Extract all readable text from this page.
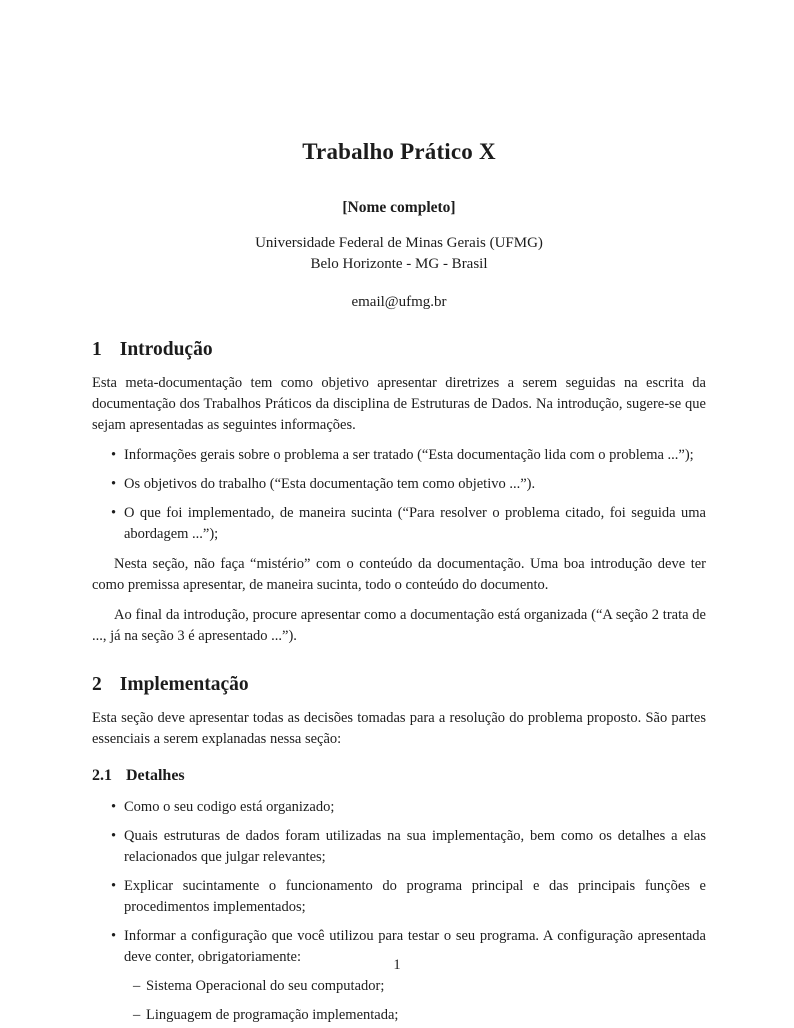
Trabalho Prático X
[Nome completo]
Universidade Federal de Minas Gerais (UFMG)
Belo Horizonte - MG - Brasil
email@ufmg.br
1 Introdução

Esta meta-documentação tem como objetivo apresentar diretrizes a serem seguidas na escrita da documentação dos Trabalhos Práticos da disciplina de Estruturas de Dados. Na introdução, sugere-se que sejam apresentadas as seguintes informações.

• Informações gerais sobre o problema a ser tratado (“Esta documentação lida com o problema ...”);
• Os objetivos do trabalho (“Esta documentação tem como objetivo ...”).
• O que foi implementado, de maneira sucinta (“Para resolver o problema citado, foi seguida uma abordagem ...”);

Nesta seção, não faça “mistério” com o conteúdo da documentação. Uma boa introdução deve ter como premissa apresentar, de maneira sucinta, todo o conteúdo do documento.

Ao final da introdução, procure apresentar como a documentação está organizada (“A seção 2 trata de ..., já na seção 3 é apresentado ...”).

2 Implementação

Esta seção deve apresentar todas as decisões tomadas para a resolução do problema proposto. São partes essenciais a serem explanadas nessa seção:

2.1 Detalhes
• Como o seu codigo está organizado;
• Quais estruturas de dados foram utilizadas na sua implementação, bem como os detalhes a elas relacionados que julgar relevantes;
• Explicar sucintamente o funcionamento do programa principal e das principais funções e procedimentos implementados;
• Informar a configuração que você utilizou para testar o seu programa. A configuração apresentada deve conter, obrigatoriamente:
– Sistema Operacional do seu computador;
– Linguagem de programação implementada;
1
